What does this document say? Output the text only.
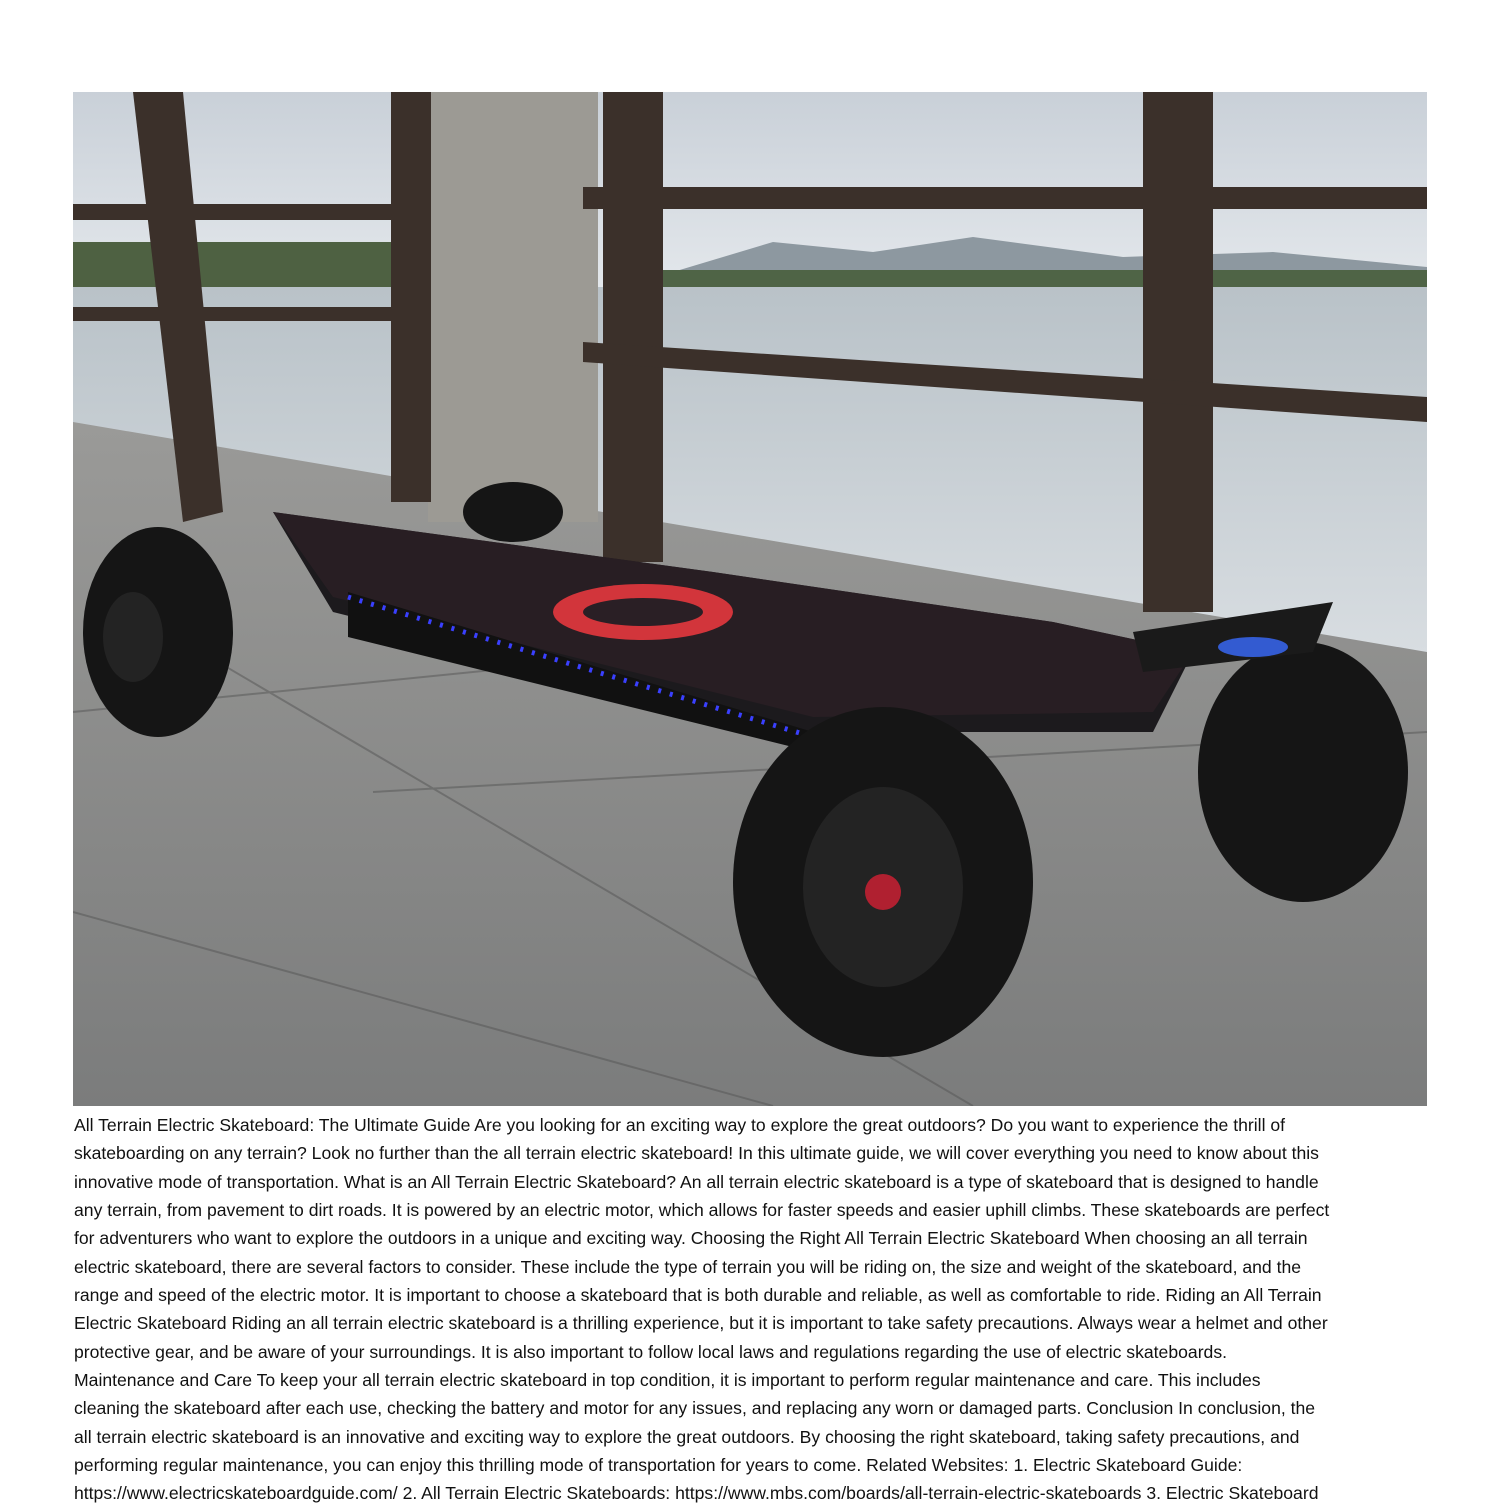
All Terrain Electric Skateboard: The Ultimate Guide Are you looking for an exciting way to explore the great outdoors? Do you want to experience the thrill of
skateboarding on any terrain? Look no further than the all terrain electric skateboard! In this ultimate guide, we will cover everything you need to know about this
innovative mode of transportation. What is an All Terrain Electric Skateboard? An all terrain electric skateboard is a type of skateboard that is designed to handle
any terrain, from pavement to dirt roads. It is powered by an electric motor, which allows for faster speeds and easier uphill climbs. These skateboards are perfect
for adventurers who want to explore the outdoors in a unique and exciting way. Choosing the Right All Terrain Electric Skateboard When choosing an all terrain
electric skateboard, there are several factors to consider. These include the type of terrain you will be riding on, the size and weight of the skateboard, and the
range and speed of the electric motor. It is important to choose a skateboard that is both durable and reliable, as well as comfortable to ride. Riding an All Terrain
Electric Skateboard Riding an all terrain electric skateboard is a thrilling experience, but it is important to take safety precautions. Always wear a helmet and other
protective gear, and be aware of your surroundings. It is also important to follow local laws and regulations regarding the use of electric skateboards.
Maintenance and Care To keep your all terrain electric skateboard in top condition, it is important to perform regular maintenance and care. This includes
cleaning the skateboard after each use, checking the battery and motor for any issues, and replacing any worn or damaged parts. Conclusion In conclusion, the
all terrain electric skateboard is an innovative and exciting way to explore the great outdoors. By choosing the right skateboard, taking safety precautions, and
performing regular maintenance, you can enjoy this thrilling mode of transportation for years to come. Related Websites: 1. Electric Skateboard Guide:
https://www.electricskateboardguide.com/ 2. All Terrain Electric Skateboards: https://www.mbs.com/boards/all-terrain-electric-skateboards 3. Electric Skateboard
